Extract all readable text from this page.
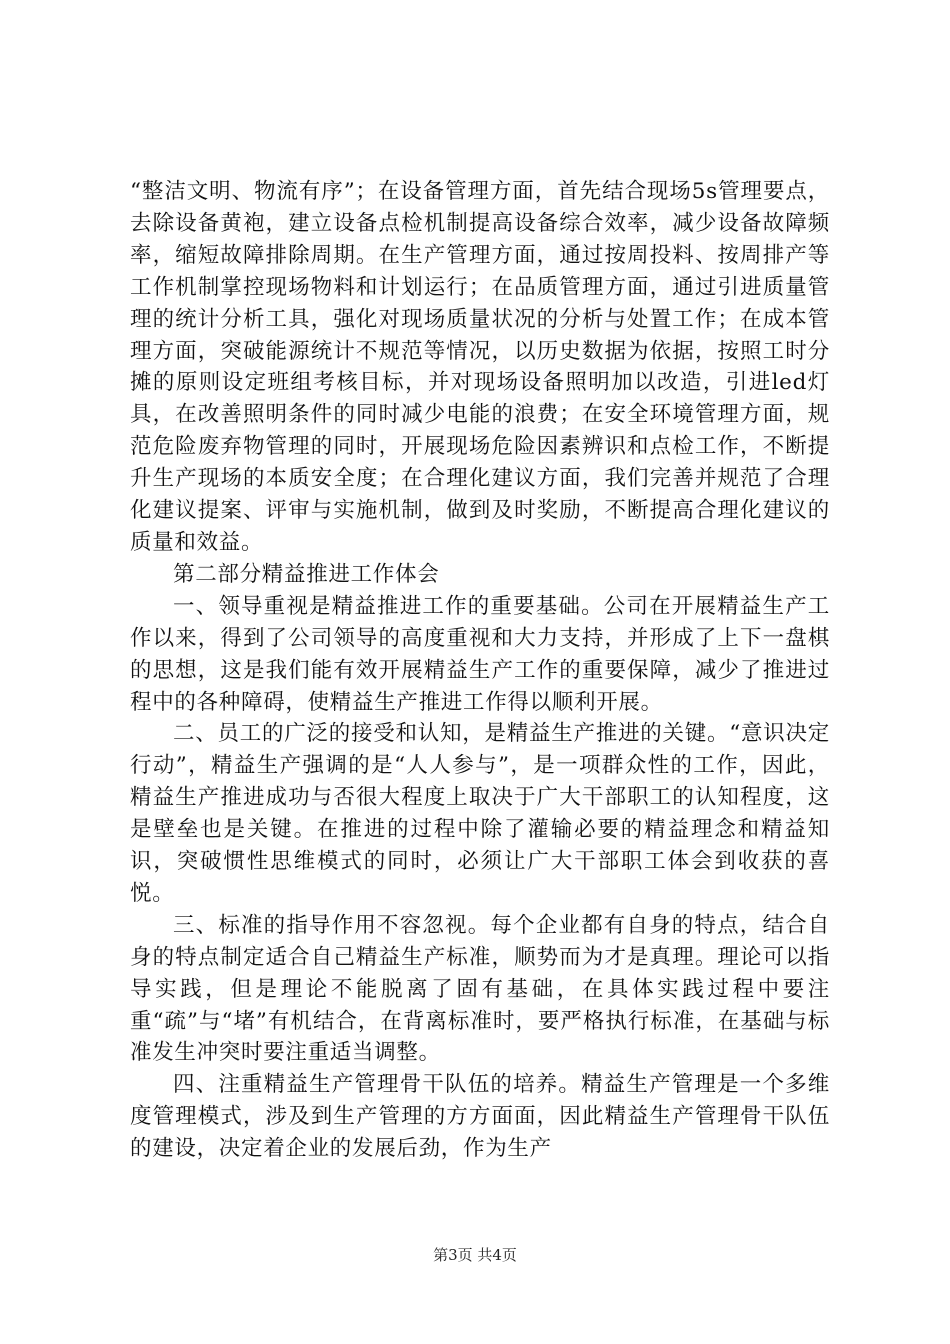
“整洁文明、物流有序”；在设备管理方面，首先结合现场5s管理要点，去除设备黄袍，建立设备点检机制提高设备综合效率，减少设备故障频率，缩短故障排除周期。在生产管理方面，通过按周投料、按周排产等工作机制掌控现场物料和计划运行；在品质管理方面，通过引进质量管理的统计分析工具，强化对现场质量状况的分析与处置工作；在成本管理方面，突破能源统计不规范等情况，以历史数据为依据，按照工时分摊的原则设定班组考核目标，并对现场设备照明加以改造，引进led灯具，在改善照明条件的同时减少电能的浪费；在安全环境管理方面，规范危险废弃物管理的同时，开展现场危险因素辨识和点检工作，不断提升生产现场的本质安全度；在合理化建议方面，我们完善并规范了合理化建议提案、评审与实施机制，做到及时奖励，不断提高合理化建议的质量和效益。

第二部分精益推进工作体会

一、领导重视是精益推进工作的重要基础。公司在开展精益生产工作以来，得到了公司领导的高度重视和大力支持，并形成了上下一盘棋的思想，这是我们能有效开展精益生产工作的重要保障，减少了推进过程中的各种障碍，使精益生产推进工作得以顺利开展。

二、员工的广泛的接受和认知，是精益生产推进的关键。“意识决定行动”，精益生产强调的是“人人参与”，是一项群众性的工作，因此，精益生产推进成功与否很大程度上取决于广大干部职工的认知程度，这是壁垒也是关键。在推进的过程中除了灌输必要的精益理念和精益知识，突破惯性思维模式的同时，必须让广大干部职工体会到收获的喜悦。

三、标准的指导作用不容忽视。每个企业都有自身的特点，结合自身的特点制定适合自己精益生产标准，顺势而为才是真理。理论可以指导实践，但是理论不能脱离了固有基础，在具体实践过程中要注重“疏”与“堵”有机结合，在背离标准时，要严格执行标准，在基础与标准发生冲突时要注重适当调整。

四、注重精益生产管理骨干队伍的培养。精益生产管理是一个多维度管理模式，涉及到生产管理的方方面面，因此精益生产管理骨干队伍的建设，决定着企业的发展后劲，作为生产

第3页 共4页
